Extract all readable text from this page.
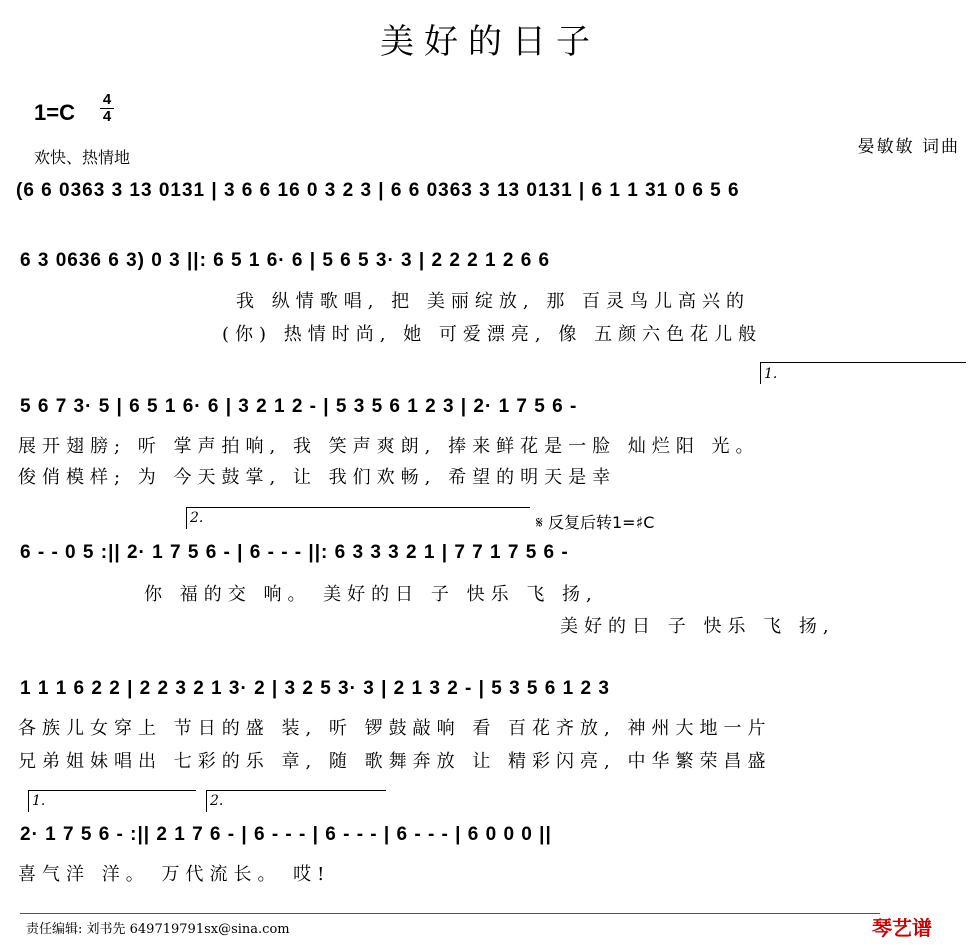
美好的日子
$1=C \frac{4}{4}$
欢快、热情地
晏敏敏 词曲
(6 6 0363 3 13 0131 | 3 6 6 16 0 3 2 3 | 6 6 0363 3 13 0131 | 6 1 1 31 0 6 5 6
6 3 0636 6 3) 0 3 ||: 6 5 1 6· 6 | 5 6 5 3· 3 | 2 2 2 1 2 6 6
我 纵情歌唱, 把 美丽绽放, 那 百灵鸟儿高兴的
(你) 热情时尚, 她 可爱漂亮, 像 五颜六色花儿般
1.
5 6 7 3· 5 | 6 5 1 6· 6 | 3 2 1 2 - | 5 3 5 6 1 2 3 | 2· 1 7 5 6 -
展开翅膀; 听 掌声拍响, 我 笑声爽朗, 捧来鲜花是一脸 灿烂阳 光。
俊俏模样; 为 今天鼓掌, 让 我们欢畅, 希望的明天是幸
2.	𝄋 反复后转1=♯C
6 - - 0 5 :|| 2· 1 7 5 6 - | 6 - - - ||: 6 3 3 3 2 1 | 7 7 1 7 5 6 -
你 福的交 响。 美好的日 子 快乐 飞 扬,
美好的日 子 快乐 飞 扬,
1 1 1 6 2 2 | 2 2 3 2 1 3· 2 | 3 2 5 3· 3 | 2 1 3 2 - | 5 3 5 6 1 2 3
各族儿女穿上 节日的盛 装, 听 锣鼓敲响 看 百花齐放, 神州大地一片
兄弟姐妹唱出 七彩的乐 章, 随 歌舞奔放 让 精彩闪亮, 中华繁荣昌盛
1.	2.
2· 1 7 5 6 - :|| 2 1 7 6 - | 6 - - - | 6 - - - | 6 - - - | 6 0 0 0 ||
喜气洋 洋。 万代流长。 哎!
责任编辑: 刘书先 649719791sx@sina.com	琴艺谱
